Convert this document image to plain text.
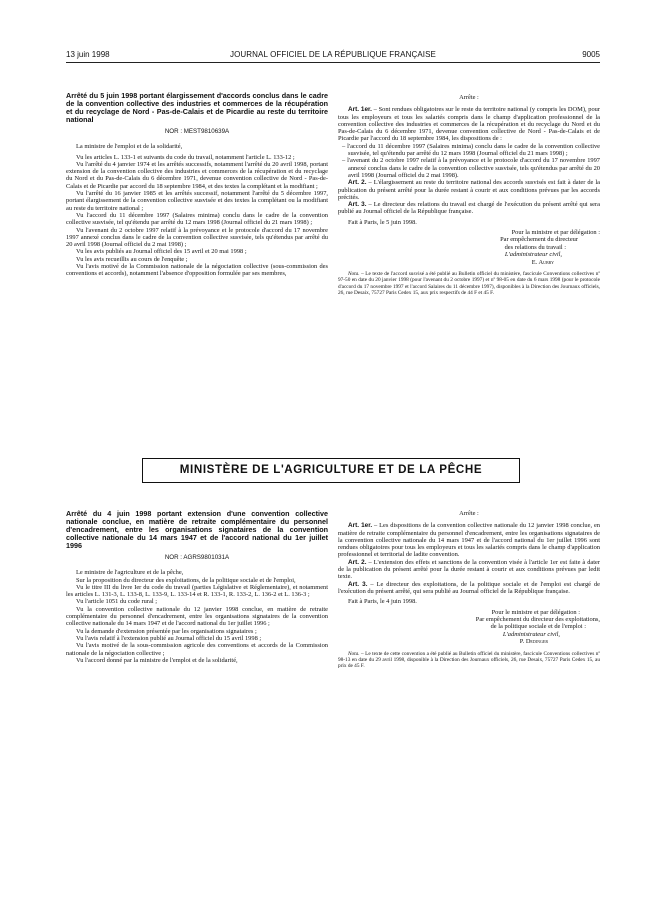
13 juin 1998	JOURNAL OFFICIEL DE LA RÉPUBLIQUE FRANÇAISE	9005

Arrêté du 5 juin 1998 portant élargissement d'accords conclus dans le cadre de la convention collective des industries et commerces de la récupération et du recyclage de Nord - Pas-de-Calais et de Picardie au reste du territoire national

NOR : MESТ9810639A

La ministre de l'emploi et de la solidarité,

Vu les articles L. 133-1 et suivants du code du travail, notamment l'article L. 133-12 ;

Vu l'arrêté du 4 janvier 1974 et les arrêtés successifs, notamment l'arrêté du 20 avril 1998, portant extension de la convention collective des industries et commerces de la récupération et du recyclage du Nord et du Pas-de-Calais du 6 décembre 1971, devenue convention collective de Nord - Pas-de-Calais et de Picardie par accord du 18 septembre 1984, et des textes la complétant et la modifiant ;

Vu l'arrêté du 16 janvier 1985 et les arrêtés successif, notamment l'arrêté du 5 décembre 1997, portant élargissement de la convention collective susvisée et des textes la complétant ou la modifiant au reste du territoire national ;

Vu l'accord du 11 décembre 1997 (Salaires minima) conclu dans le cadre de la convention collective susvisée, tel qu'étendu par arrêté du 12 mars 1998 (Journal officiel du 21 mars 1998) ;

Vu l'avenant du 2 octobre 1997 relatif à la prévoyance et le protocole d'accord du 17 novembre 1997 annexé conclus dans le cadre de la convention collective susvisée, tels qu'étendus par arrêté du 20 avril 1998 (Journal officiel du 2 mai 1998) ;

Vu les avis publiés au Journal officiel des 15 avril et 20 mai 1998 ;

Vu les avis recueillis au cours de l'enquête ;

Vu l'avis motivé de la Commission nationale de la négociation collective (sous-commission des conventions et accords), notamment l'absence d'opposition formulée par ses membres,

Arrête :

Art. 1er. – Sont rendues obligatoires sur le reste du territoire national (y compris les DOM), pour tous les employeurs et tous les salariés compris dans le champ d'application professionnel de la convention collective des industries et commerces de la récupération et du recyclage du Nord et du Pas-de-Calais du 6 décembre 1971, devenue convention collective de Nord - Pas-de-Calais et de Picardie par l'accord du 18 septembre 1984, les dispositions de :

– l'accord du 11 décembre 1997 (Salaires minima) conclu dans le cadre de la convention collective susvisée, tel qu'étendu par arrêté du 12 mars 1998 (Journal officiel du 21 mars 1998) ;
– l'avenant du 2 octobre 1997 relatif à la prévoyance et le protocole d'accord du 17 novembre 1997 annexé conclus dans le cadre de la convention collective susvisée, tels qu'étendus par arrêté du 20 avril 1998 (Journal officiel du 2 mai 1998).

Art. 2. – L'élargissement au reste du territoire national des accords susvisés est fait à dater de la publication du présent arrêté pour la durée restant à courir et aux conditions prévues par les accords précités.

Art. 3. – Le directeur des relations du travail est chargé de l'exécution du présent arrêté qui sera publié au Journal officiel de la République française.

Fait à Paris, le 5 juin 1998.

Pour la ministre et par délégation :
Par empêchement du directeur
des relations du travail :
L'administrateur civil,
E. Aubry

Nota. – Le texte de l'accord susvisé a été publié au Bulletin officiel du ministère, fascicule Conventions collectives nº 97-50 en date du 20 janvier 1998 (pour l'avenant du 2 octobre 1997) et nº 98-05 en date du 6 mars 1998 (pour le protocole d'accord du 17 novembre 1997 et l'accord Salaires du 11 décembre 1997), disponibles à la Direction des Journaux officiels, 26, rue Desaix, 75727 Paris Cedex 15, aux prix respectifs de 44 F et 45 F.

MINISTÈRE DE L'AGRICULTURE ET DE LA PÊCHE

Arrêté du 4 juin 1998 portant extension d'une convention collective nationale conclue, en matière de retraite complémentaire du personnel d'encadrement, entre les organisations signataires de la convention collective nationale du 14 mars 1947 et de l'accord national du 1er juillet 1996

NOR : AGRS9801031A

Le ministre de l'agriculture et de la pêche,

Sur la proposition du directeur des exploitations, de la politique sociale et de l'emploi,

Vu le titre III du livre Ier du code du travail (parties Législative et Réglementaire), et notamment les articles L. 131-3, L. 133-8, L. 133-9, L. 133-14 et R. 133-1, R. 133-2, L. 136-2 et L. 136-3 ;

Vu l'article 1051 du code rural ;

Vu la convention collective nationale du 12 janvier 1998 conclue, en matière de retraite complémentaire du personnel d'encadrement, entre les organisations signataires de la convention collective nationale du 14 mars 1947 et de l'accord national du 1er juillet 1996 ;

Vu la demande d'extension présentée par les organisations signataires ;

Vu l'avis relatif à l'extension publié au Journal officiel du 15 avril 1998 ;

Vu l'avis motivé de la sous-commission agricole des conventions et accords de la Commission nationale de la négociation collective ;

Vu l'accord donné par la ministre de l'emploi et de la solidarité,

Arrête :

Art. 1er. – Les dispositions de la convention collective nationale du 12 janvier 1998 conclue, en matière de retraite complémentaire du personnel d'encadrement, entre les organisations signataires de la convention collective nationale du 14 mars 1947 et de l'accord national du 1er juillet 1996 sont rendues obligatoires pour tous les employeurs et tous les salariés compris dans le champ d'application professionnel et territorial de ladite convention.

Art. 2. – L'extension des effets et sanctions de la convention visée à l'article 1er est faite à dater de la publication du présent arrêté pour la durée restant à courir et aux conditions prévues par ledit texte.

Art. 3. – Le directeur des exploitations, de la politique sociale et de l'emploi est chargé de l'exécution du présent arrêté, qui sera publié au Journal officiel de la République française.

Fait à Paris, le 4 juin 1998.

Pour le ministre et par délégation :
Par empêchement du directeur des exploitations,
de la politique sociale et de l'emploi :
L'administrateur civil,
P. Dedinger

Nota. – Le texte de cette convention a été publié au Bulletin officiel du ministère, fascicule Conventions collectives nº 98-13 en date du 29 avril 1998, disponible à la Direction des Journaux officiels, 26, rue Desaix, 75727 Paris Cedex 15, au prix de 45 F.
